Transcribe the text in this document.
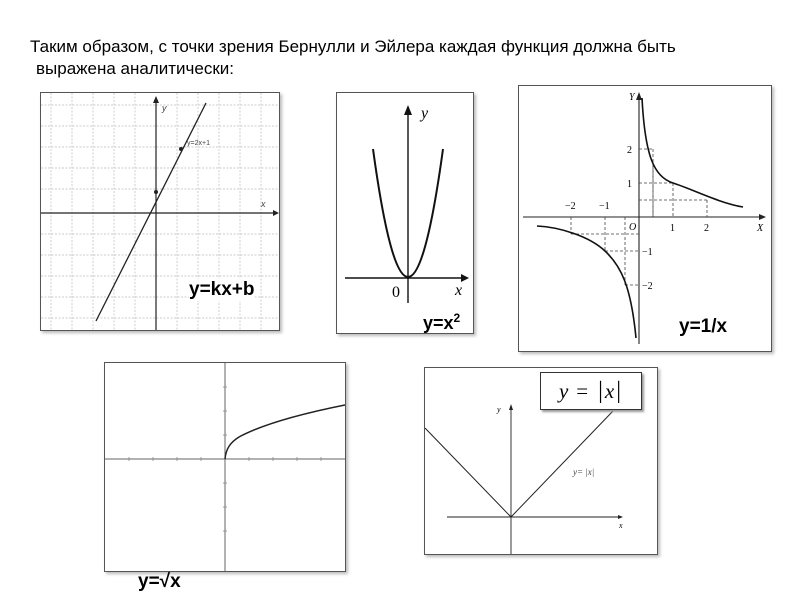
Таким образом, с точки зрения Бернулли и Эйлера каждая функция должна быть
выражена аналитически:
x
y
y=2x+1
y=kx+b
y
x
0
$y=x^2$
Y
X
O
−2 −1
1	2
2
1
−1
−2
y=1/x
y=√x
y
x
y= |x|
y = | x |
